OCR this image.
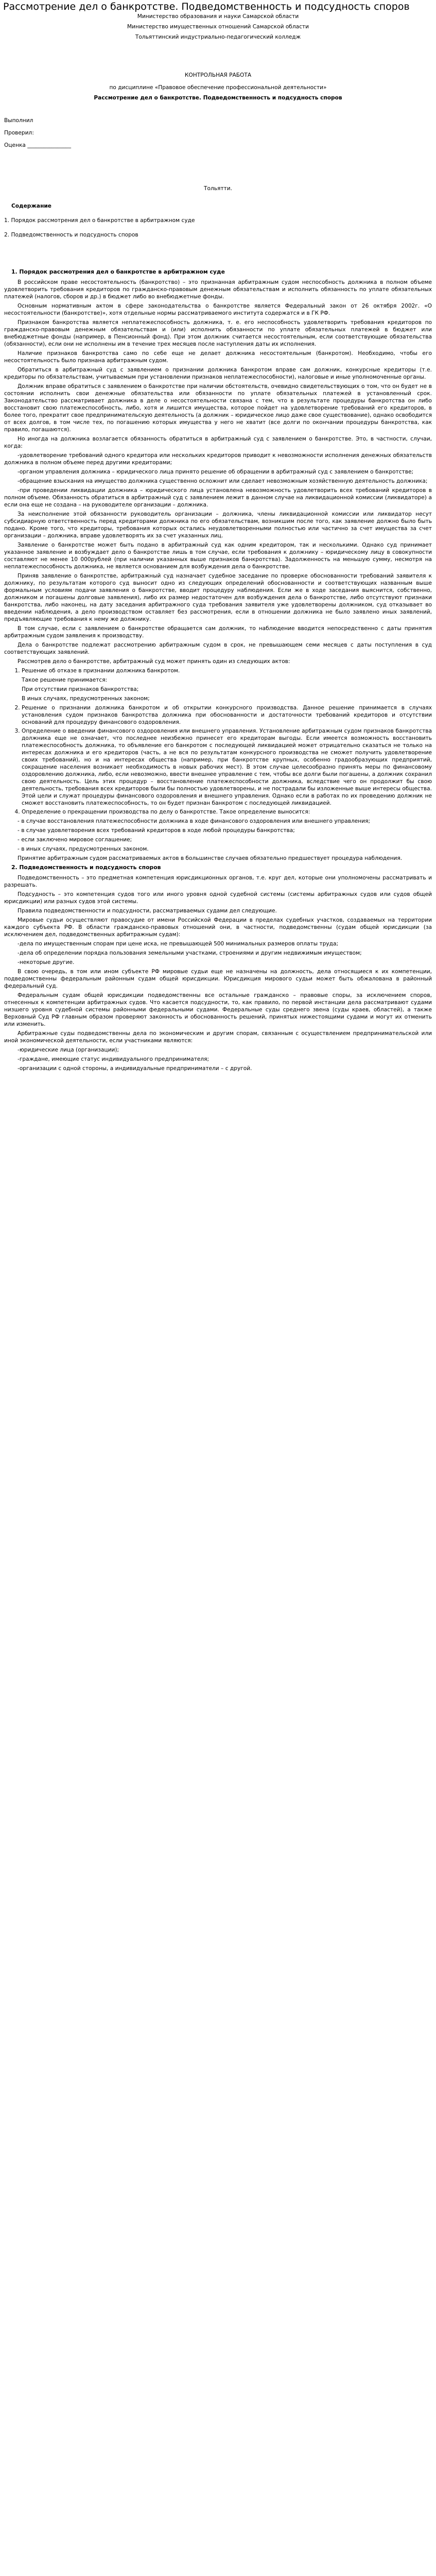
Рассмотрение дел о банкротстве. Подведомственность и подсудность споров

Министерство образования и науки Самарской области

Министерство имущественных отношений Самарской области

Тольяттинский индустриально-педагогический колледж

КОНТРОЛЬНАЯ РАБОТА

по дисциплине «Правовое обеспечение профессиональной деятельности»

Рассмотрение дел о банкротстве. Подведомственность и подсудность споров

Выполнил

Проверил:

Оценка ________________

Тольятти.

Содержание

1. Порядок рассмотрения дел о банкротстве в арбитражном суде

2. Подведомственность и подсудность споров

1. Порядок рассмотрения дел о банкротстве в арбитражном суде

В российском праве несостоятельность (банкротство) – это признанная арбитражным судом неспособность должника в полном объеме удовлетворить требования кредиторов по гражданско-правовым денежным обязательствам и исполнить обязанность по уплате обязательных платежей (налогов, сборов и др.) в бюджет либо во внебюджетные фонды.

Основным нормативным актом в сфере законодательства о банкротстве является Федеральный закон от 26 октября 2002г. «О несостоятельности (банкротстве)», хотя отдельные нормы рассматриваемого института содержатся и в ГК РФ.

Признаком банкротства является неплатежеспособность должника, т. е. его неспособность удовлетворить требования кредиторов по гражданско-правовым денежным обязательствам и (или) исполнить обязанности по уплате обязательных платежей в бюджет или внебюджетные фонды (например, в Пенсионный фонд). При этом должник считается несостоятельным, если соответствующие обязательства (обязанности), если они не исполнены им в течение трех месяцев после наступления даты их исполнения.

Наличие признаков банкротства само по себе еще не делает должника несостоятельным (банкротом). Необходимо, чтобы его несостоятельность было признана арбитражным судом.

Обратиться в арбитражный суд с заявлением о признании должника банкротом вправе сам должник, конкурсные кредиторы (т.е. кредиторы по обязательствам, учитываемым при установлении признаков неплатежеспособности), налоговые и иные уполномоченные органы.

Должник вправе обратиться с заявлением о банкротстве при наличии обстоятельств, очевидно свидетельствующих о том, что он будет не в состоянии исполнить свои денежные обязательства или обязанности по уплате обязательных платежей в установленный срок. Законодательство рассматривает должника в деле о несостоятельности связана с тем, что в результате процедуры банкротства он либо восстановит свою платежеспособность, либо, хотя и лишится имущества, которое пойдет на удовлетворение требований его кредиторов, в более того, прекратит свое предпринимательскую деятельность (а должник – юридическое лицо даже свое существование), однако освободится от всех долгов, в том числе тех, по погашению которых имущества у него не хватит (все долги по окончании процедуры банкротства, как правило, погашаются).

Но иногда на должника возлагается обязанность обратиться в арбитражный суд с заявлением о банкротстве. Это, в частности, случаи, когда:

-удовлетворение требований одного кредитора или нескольких кредиторов приводит к невозможности исполнения денежных обязательств должника в полном объеме перед другими кредиторами;

-органом управления должника – юридического лица принято решение об обращении в арбитражный суд с заявлением о банкротстве;

-обращение взыскания на имущество должника существенно осложнит или сделает невозможным хозяйственную деятельность должника;

-при проведении ликвидации должника – юридического лица установлена невозможность удовлетворить всех требований кредиторов в полном объеме. Обязанность обратиться в арбитражный суд с заявлением лежит в данном случае на ликвидационной комиссии (ликвидаторе) а если она еще не создана – на руководителе организации – должника.

За неисполнение этой обязанности руководитель организации – должника, члены ликвидационной комиссии или ликвидатор несут субсидиарную ответственность перед кредиторами должника по его обязательствам, возникшим после того, как заявление должно было быть подано. Кроме того, что кредиторы, требования которых остались неудовлетворенными полностью или частично за счет имущества за счет организации – должника, вправе удовлетворять их за счет указанных лиц.

Заявление о банкротстве может быть подано в арбитражный суд как одним кредитором, так и несколькими. Однако суд принимает указанное заявление и возбуждает дело о банкротстве лишь в том случае, если требования к должнику – юридическому лицу в совокупности составляют не менее 10 000рублей (при наличии указанных выше признаков банкротства). Задолженность на меньшую сумму, несмотря на неплатежеспособность должника, не является основанием для возбуждения дела о банкротстве.

Приняв заявление о банкротстве, арбитражный суд назначает судебное заседание по проверке обоснованности требований заявителя к должнику, по результатам которого суд выносит одно из следующих определений обоснованности и соответствующих названным выше формальным условиям подачи заявления о банкротстве, вводит процедуру наблюдения. Если же в ходе заседания выяснится, собственно, должником и погашены долговые заявления), либо их размер недостаточен для возбуждения дела о банкротстве, либо отсутствуют признаки банкротства, либо наконец, на дату заседания арбитражного суда требования заявителя уже удовлетворены должником, суд отказывает во введении наблюдения, а дело производством оставляет без рассмотрения, если в отношении должника не было заявлено иных заявлений, предъявляющие требования к нему же должнику.

В том случае, если с заявлением о банкротстве обращается сам должник, то наблюдение вводится непосредственно с даты принятия арбитражным судом заявления к производству.

Дела о банкротстве подлежат рассмотрению арбитражным судом в срок, не превышающем семи месяцев с даты поступления в суд соответствующих заявлений.

Рассмотрев дело о банкротстве, арбитражный суд может принять один из следующих актов:

1. Решение об отказе в признании должника банкротом.

Такое решение принимается:

При отсутствии признаков банкротства;

В иных случаях, предусмотренных законом;

2. Решение о признании должника банкротом и об открытии конкурсного производства. Данное решение принимается в случаях установления судом признаков банкротства должника при обоснованности и достаточности требований кредиторов и отсутствии оснований для процедуру финансового оздоровления.
3. Определение о введении финансового оздоровления или внешнего управления. Установление арбитражным судом признаков банкротства должника еще не означает, что последнее неизбежно принесет его кредиторам выгоды. Если имеется возможность восстановить платежеспособность должника, то объявление его банкротом с последующей ликвидацией может отрицательно сказаться не только на интересах должника и его кредиторов (часть, а не вся по результатам конкурсного производства не сможет получить удовлетворение своих требований), но и на интересах общества (например, при банкротстве крупных, особенно градообразующих предприятий, сокращение населения возникает необходимость в новых рабочих мест). В этом случае целесообразно принять меры по финансовому оздоровлению должника, либо, если невозможно, ввести внешнее управление с тем, чтобы все долги были погашены, а должник сохранил свою деятельность. Цель этих процедур – восстановление платежеспособности должника, вследствие чего он продолжит бы свою деятельность, требования всех кредиторов были бы полностью удовлетворены, и не пострадали бы изложенные выше интересы общества. Этой цели и служат процедуры финансового оздоровления и внешнего управления. Однако если в работах по их проведению должник не сможет восстановить платежеспособность, то он будет признан банкротом с последующей ликвидацией.
4. Определение о прекращении производства по делу о банкротстве. Такое определение выносится:

- в случае восстановления платежеспособности должника в ходе финансового оздоровления или внешнего управления;

- в случае удовлетворения всех требований кредиторов в ходе любой процедуры банкротства;

- если заключено мировое соглашение;

- в иных случаях, предусмотренных законом.

Принятие арбитражным судом рассматриваемых актов в большинстве случаев обязательно предшествует процедура наблюдения.

2. Подведомственность и подсудность споров

Подведомственность – это предметная компетенция юрисдикционных органов, т.е. круг дел, которые они уполномочены рассматривать и разрешать.

Подсудность – это компетенция судов того или иного уровня одной судебной системы (системы арбитражных судов или судов общей юрисдикции) или разных судов этой системы.

Правила подведомственности и подсудности, рассматриваемых судами дел следующие.

Мировые судьи осуществляют правосудие от имени Российской Федерации в пределах судебных участков, создаваемых на территории каждого субъекта РФ. В области гражданско-правовых отношений они, в частности, подведомственны (судам общей юрисдикции (за исключением дел, подведомственных арбитражным судам):

-дела по имущественным спорам при цене иска, не превышающей 500 минимальных размеров оплаты труда;

-дела об определении порядка пользования земельными участками, строениями и другим недвижимым имуществом;

-некоторые другие.

В свою очередь, в том или ином субъекте РФ мировые судьи еще не назначены на должность, дела относящиеся к их компетенции, подведомственны федеральным районным судам общей юрисдикции. Юрисдикция мирового судьи может быть обжалована в районный федеральный суд.

Федеральным судам общей юрисдикции подведомственны все остальные гражданско – правовые споры, за исключением споров, отнесенных к компетенции арбитражных судов. Что касается подсудности, то, как правило, по первой инстанции дела рассматривают судами низшего уровня судебной системы районными федеральными судами. Федеральные суды среднего звена (суды краев, областей), а также Верховный Суд РФ главным образом проверяют законность и обоснованность решений, принятых нижестоящими судами и могут их отменить или изменить.

Арбитражные суды подведомственны дела по экономическим и другим спорам, связанным с осуществлением предпринимательской или иной экономической деятельности, если участниками являются:

-юридические лица (организации);

-граждане, имеющие статус индивидуального предпринимателя;

-организации с одной стороны, а индивидуальные предприниматели – с другой.
